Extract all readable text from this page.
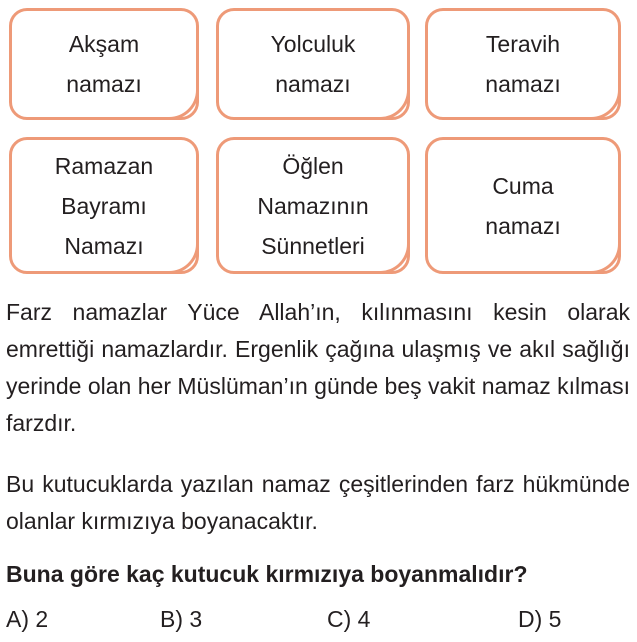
Akşam
namazı
Yolculuk
namazı
Teravih
namazı
Ramazan
Bayramı
Namazı
Öğlen
Namazının
Sünnetleri
Cuma
namazı

Farz namazlar Yüce Allah’ın, kılınmasını kesin olarak emrettiği namazlardır. Ergenlik çağına ulaşmış ve akıl sağlığı yerinde olan her Müslüman’ın günde beş vakit namaz kılması farzdır.

Bu kutucuklarda yazılan namaz çeşitlerinden farz hükmünde olanlar kırmızıya boyanacaktır.

Buna göre kaç kutucuk kırmızıya boyanmalıdır?

A) 2	B) 3	C) 4	D) 5
